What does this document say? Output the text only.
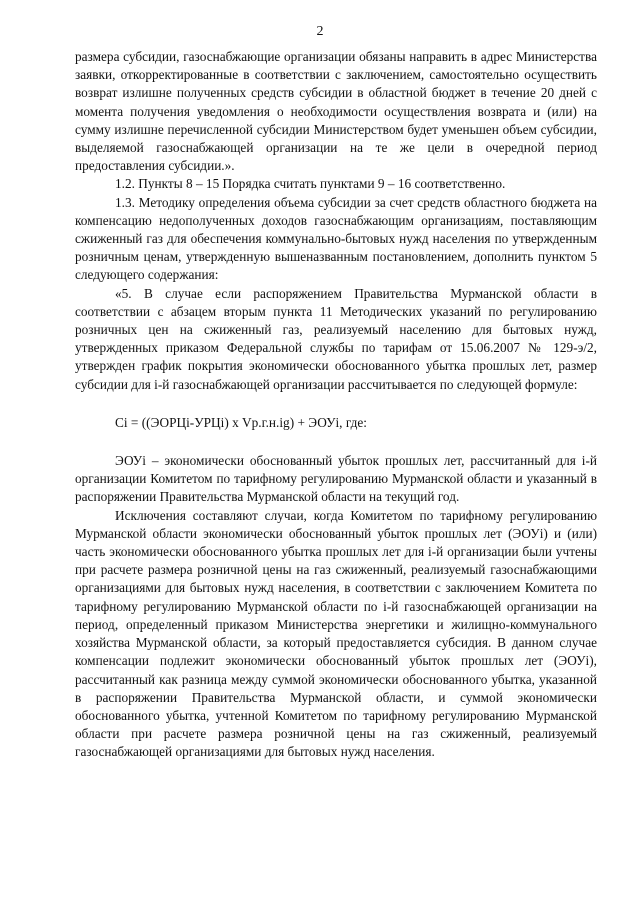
2

размера субсидии, газоснабжающие организации обязаны направить в адрес Министерства заявки, откорректированные в соответствии с заключением, самостоятельно осуществить возврат излишне полученных средств субсидии в областной бюджет в течение 20 дней с момента получения уведомления о необходимости осуществления возврата и (или) на сумму излишне перечисленной субсидии Министерством будет уменьшен объем субсидии, выделяемой газоснабжающей организации на те же цели в очередной период предоставления субсидии.».

1.2. Пункты 8 – 15 Порядка считать пунктами 9 – 16 соответственно.

1.3. Методику определения объема субсидии за счет средств областного бюджета на компенсацию недополученных доходов газоснабжающим организациям, поставляющим сжиженный газ для обеспечения коммунально-бытовых нужд населения по утвержденным розничным ценам, утвержденную вышеназванным постановлением, дополнить пунктом 5 следующего содержания:

«5. В случае если распоряжением Правительства Мурманской области в соответствии с абзацем вторым пункта 11 Методических указаний по регулированию розничных цен на сжиженный газ, реализуемый населению для бытовых нужд, утвержденных приказом Федеральной службы по тарифам от 15.06.2007 № 129-э/2, утвержден график покрытия экономически обоснованного убытка прошлых лет, размер субсидии для i-й газоснабжающей организации рассчитывается по следующей формуле:

Ci = ((ЭОРЦi-УРЦi) х Vр.г.н.ig) + ЭОУi, где:

ЭОУi – экономически обоснованный убыток прошлых лет, рассчитанный для i-й организации Комитетом по тарифному регулированию Мурманской области и указанный в распоряжении Правительства Мурманской области на текущий год.

Исключения составляют случаи, когда Комитетом по тарифному регулированию Мурманской области экономически обоснованный убыток прошлых лет (ЭОУi) и (или) часть экономически обоснованного убытка прошлых лет для i-й организации были учтены при расчете размера розничной цены на газ сжиженный, реализуемый газоснабжающими организациями для бытовых нужд населения, в соответствии с заключением Комитета по тарифному регулированию Мурманской области по i-й газоснабжающей организации на период, определенный приказом Министерства энергетики и жилищно-коммунального хозяйства Мурманской области, за который предоставляется субсидия. В данном случае компенсации подлежит экономически обоснованный убыток прошлых лет (ЭОУi), рассчитанный как разница между суммой экономически обоснованного убытка, указанной в распоряжении Правительства Мурманской области, и суммой экономически обоснованного убытка, учтенной Комитетом по тарифному регулированию Мурманской области при расчете размера розничной цены на газ сжиженный, реализуемый газоснабжающей организациями для бытовых нужд населения.
